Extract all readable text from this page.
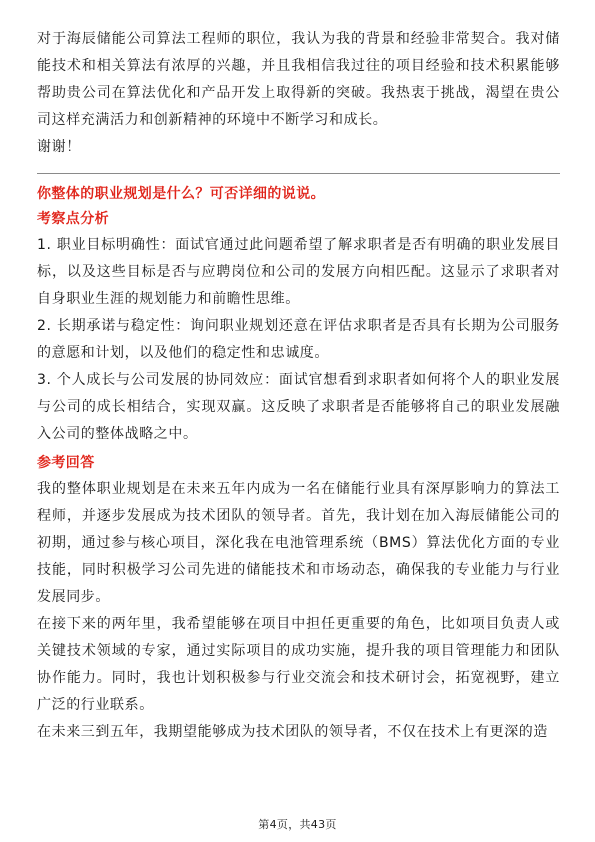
对于海辰储能公司算法工程师的职位，我认为我的背景和经验非常契合。我对储能技术和相关算法有浓厚的兴趣，并且我相信我过往的项目经验和技术积累能够帮助贵公司在算法优化和产品开发上取得新的突破。我热衷于挑战，渴望在贵公司这样充满活力和创新精神的环境中不断学习和成长。

谢谢！

你整体的职业规划是什么？可否详细的说说。

考察点分析

1. 职业目标明确性：面试官通过此问题希望了解求职者是否有明确的职业发展目标，以及这些目标是否与应聘岗位和公司的发展方向相匹配。这显示了求职者对自身职业生涯的规划能力和前瞻性思维。

2. 长期承诺与稳定性：询问职业规划还意在评估求职者是否具有长期为公司服务的意愿和计划，以及他们的稳定性和忠诚度。

3. 个人成长与公司发展的协同效应：面试官想看到求职者如何将个人的职业发展与公司的成长相结合，实现双赢。这反映了求职者是否能够将自己的职业发展融入公司的整体战略之中。

参考回答

我的整体职业规划是在未来五年内成为一名在储能行业具有深厚影响力的算法工程师，并逐步发展成为技术团队的领导者。首先，我计划在加入海辰储能公司的初期，通过参与核心项目，深化我在电池管理系统（BMS）算法优化方面的专业技能，同时积极学习公司先进的储能技术和市场动态，确保我的专业能力与行业发展同步。

在接下来的两年里，我希望能够在项目中担任更重要的角色，比如项目负责人或关键技术领域的专家，通过实际项目的成功实施，提升我的项目管理能力和团队协作能力。同时，我也计划积极参与行业交流会和技术研讨会，拓宽视野，建立广泛的行业联系。

在未来三到五年，我期望能够成为技术团队的领导者，不仅在技术上有更深的造

第4页，共43页
